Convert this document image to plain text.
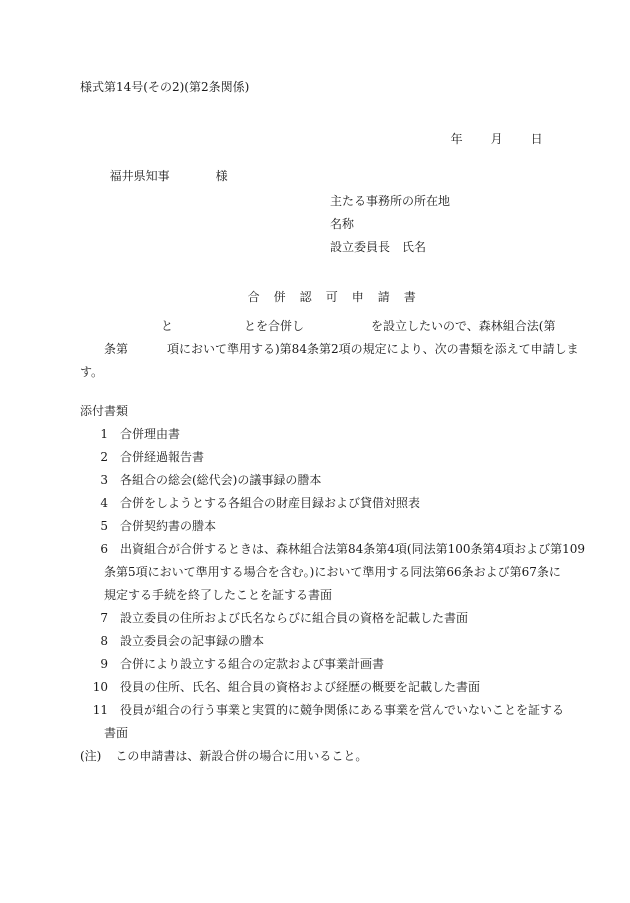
様式第14号(その2)(第2条関係)

年 月 日

福井県知事	様

主たる事務所の所在地
名称
設立委員長　氏名

合 併 認 可 申 請 書

と	とを合併し	を設立したいので、森林組合法(第
条第	項において準用する)第84条第2項の規定により、次の書類を添えて申請しま
す。
添付書類
1 合併理由書
2 合併経過報告書
3 各組合の総会(総代会)の議事録の謄本
4 合併をしようとする各組合の財産目録および貸借対照表
5 合併契約書の謄本
6 出資組合が合併するときは、森林組合法第84条第4項(同法第100条第4項および第109
条第5項において準用する場合を含む。)において準用する同法第66条および第67条に
規定する手続を終了したことを証する書面
7 設立委員の住所および氏名ならびに組合員の資格を記載した書面
8 設立委員会の記事録の謄本
9 合併により設立する組合の定款および事業計画書
10 役員の住所、氏名、組合員の資格および経歴の概要を記載した書面
11 役員が組合の行う事業と実質的に競争関係にある事業を営んでいないことを証する
書面
(注) この申請書は、新設合併の場合に用いること。
